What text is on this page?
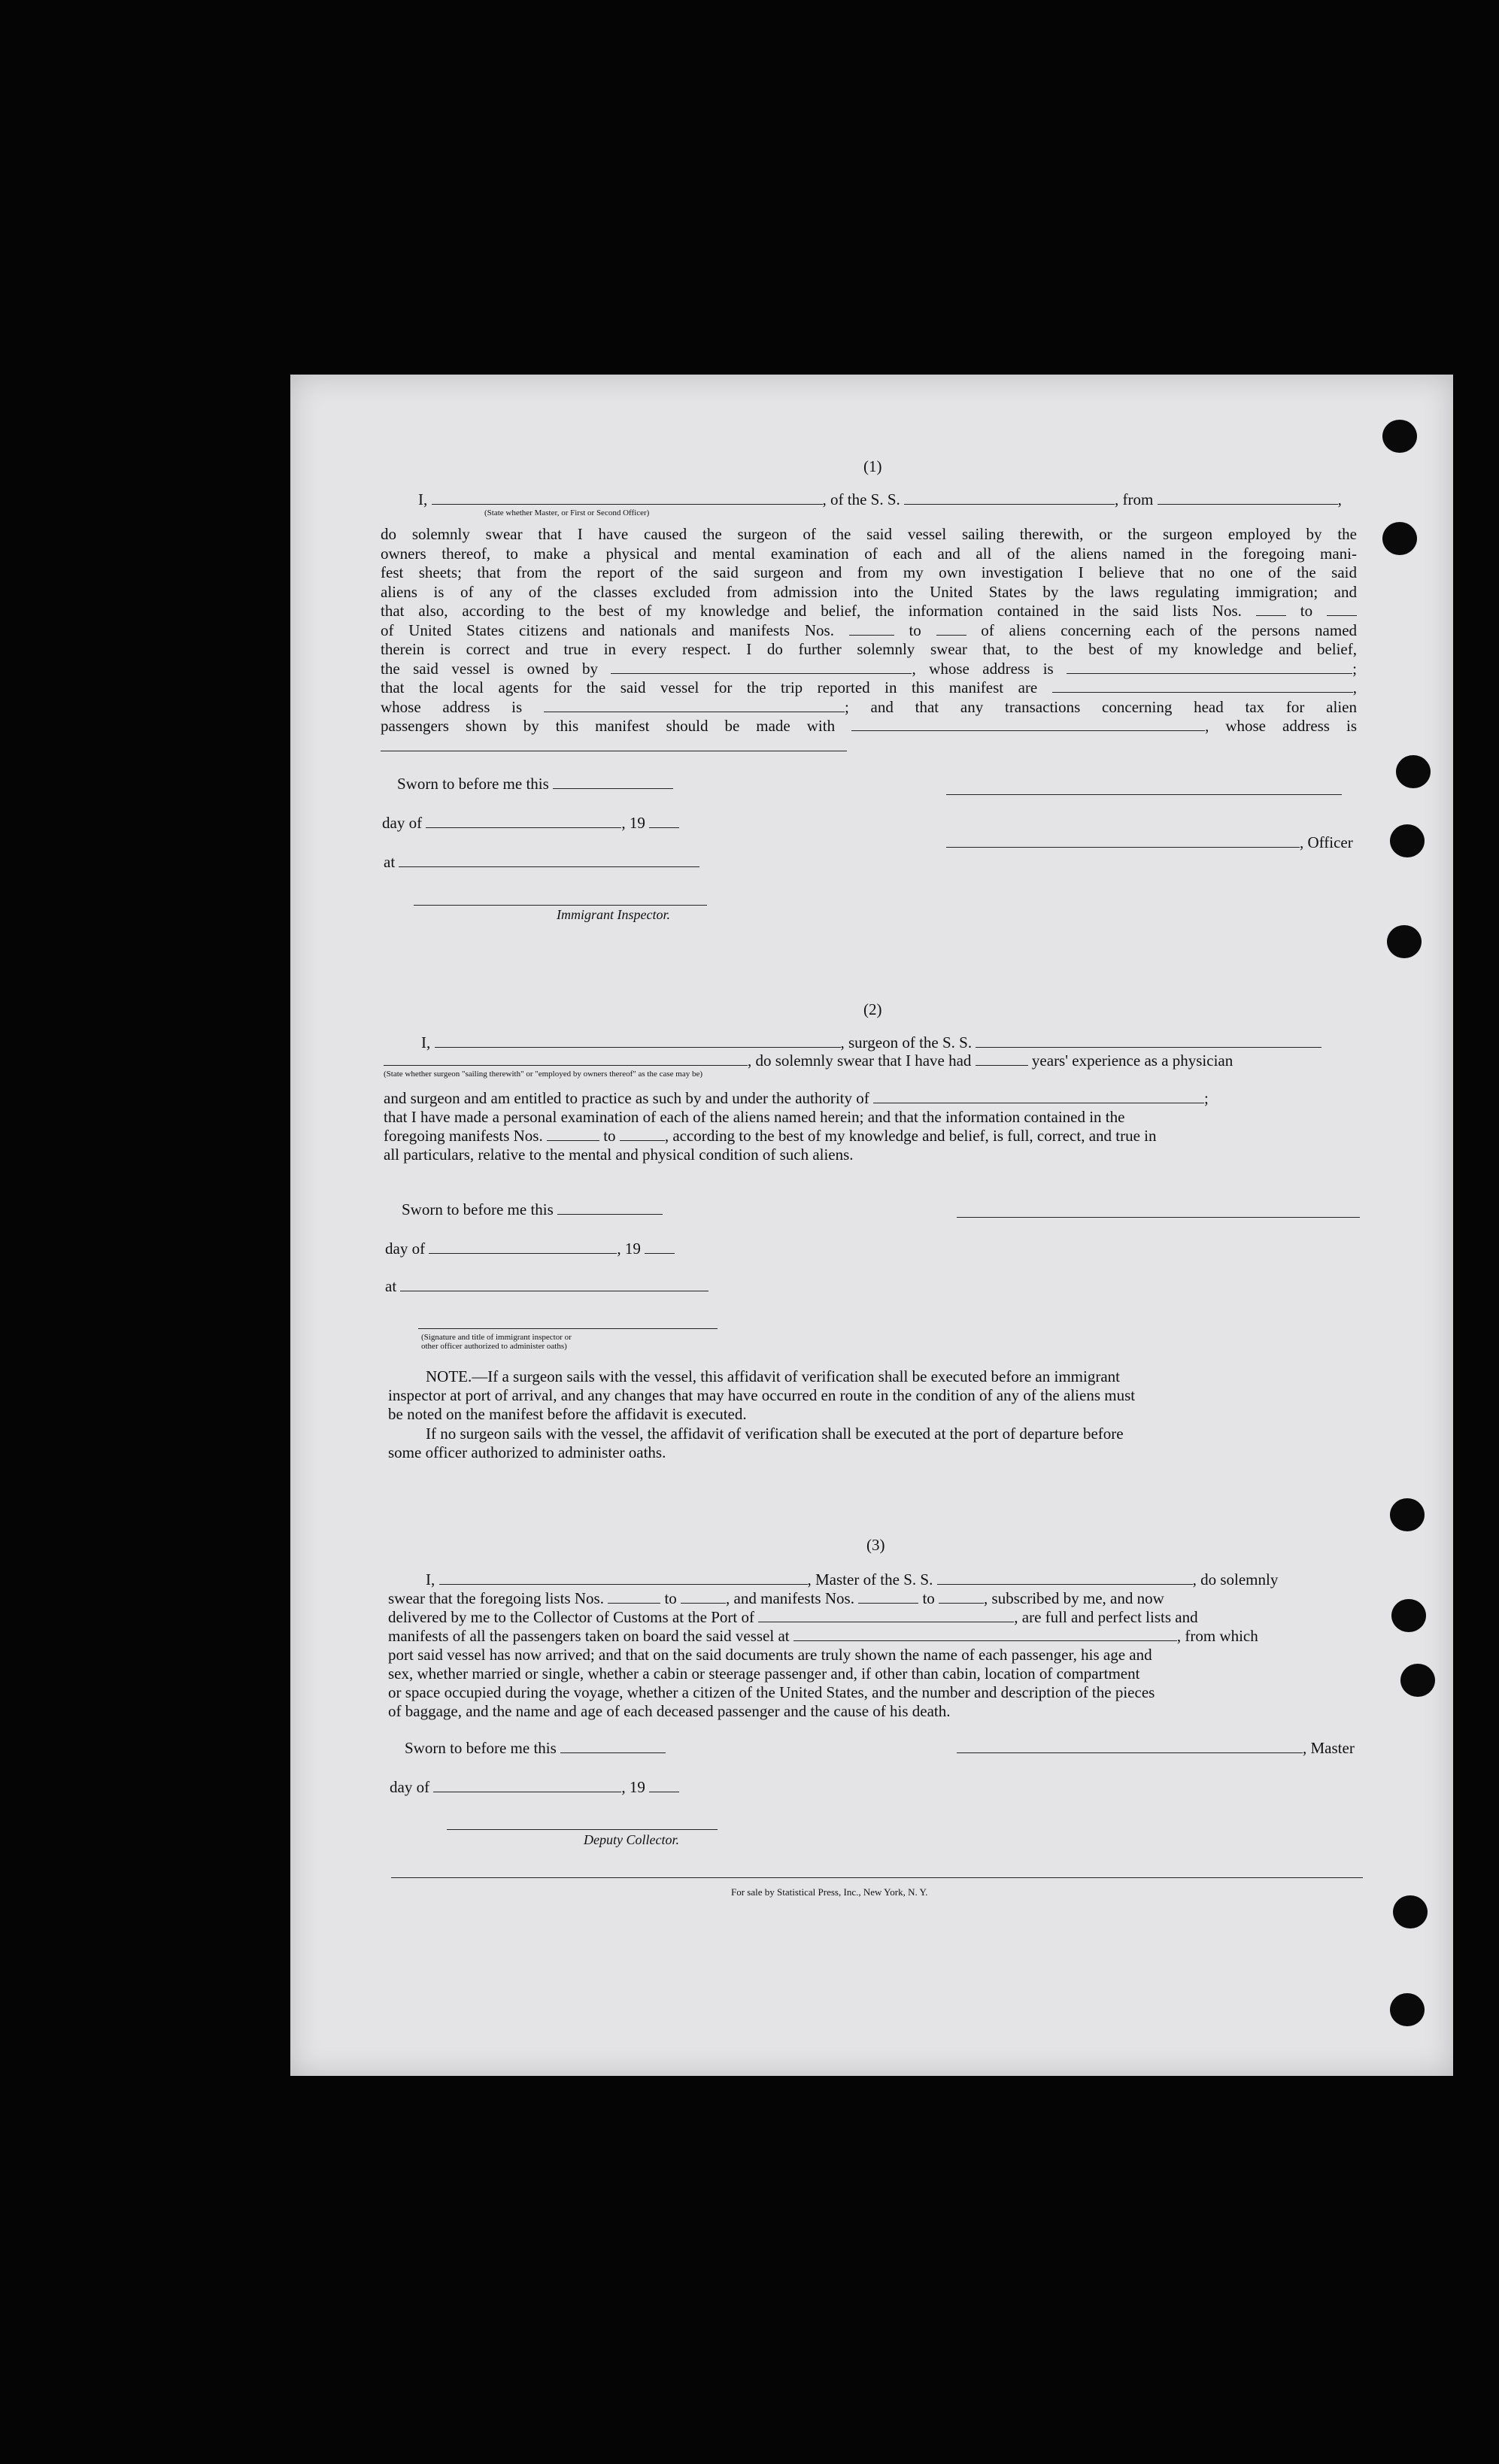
(1)
I,	, of the S. S.	, from	,
(State whether Master, or First or Second Officer)
do solemnly swear that I have caused the surgeon of the said vessel sailing therewith, or the surgeon employed by the
owners thereof, to make a physical and mental examination of each and all of the aliens named in the foregoing mani-
fest sheets; that from the report of the said surgeon and from my own investigation I believe that no one of the said
aliens is of any of the classes excluded from admission into the United States by the laws regulating immigration; and
that also, according to the best of my knowledge and belief, the information contained in the said lists Nos.	to
of United States citizens and nationals and manifests Nos.	to	of aliens concerning each of the persons named
therein is correct and true in every respect. I do further solemnly swear that, to the best of my knowledge and belief,
the said vessel is owned by	, whose address is	;
that the local agents for the said vessel for the trip reported in this manifest are	,
whose address is	; and that any transactions concerning head tax for alien
passengers shown by this manifest should be made with	, whose address is
Sworn to before me this
day of	, 19
, Officer
at
Immigrant Inspector.
(2)
I,	, surgeon of the S. S.
, do solemnly swear that I have had	years' experience as a physician
(State whether surgeon "sailing therewith" or "employed by owners thereof" as the case may be)
and surgeon and am entitled to practice as such by and under the authority of	;
that I have made a personal examination of each of the aliens named herein; and that the information contained in the
foregoing manifests Nos.	to	, according to the best of my knowledge and belief, is full, correct, and true in
all particulars, relative to the mental and physical condition of such aliens.
Sworn to before me this
day of	, 19
at
(Signature and title of immigrant inspector or
other officer authorized to administer oaths)
NOTE.—If a surgeon sails with the vessel, this affidavit of verification shall be executed before an immigrant
inspector at port of arrival, and any changes that may have occurred en route in the condition of any of the aliens must
be noted on the manifest before the affidavit is executed.
If no surgeon sails with the vessel, the affidavit of verification shall be executed at the port of departure before
some officer authorized to administer oaths.
(3)
I,	, Master of the S. S.	, do solemnly
swear that the foregoing lists Nos.	to	, and manifests Nos.	to	, subscribed by me, and now
delivered by me to the Collector of Customs at the Port of	, are full and perfect lists and
manifests of all the passengers taken on board the said vessel at	, from which
port said vessel has now arrived; and that on the said documents are truly shown the name of each passenger, his age and
sex, whether married or single, whether a cabin or steerage passenger and, if other than cabin, location of compartment
or space occupied during the voyage, whether a citizen of the United States, and the number and description of the pieces
of baggage, and the name and age of each deceased passenger and the cause of his death.
Sworn to before me this	, Master
day of	, 19
Deputy Collector.
For sale by Statistical Press, Inc., New York, N. Y.
